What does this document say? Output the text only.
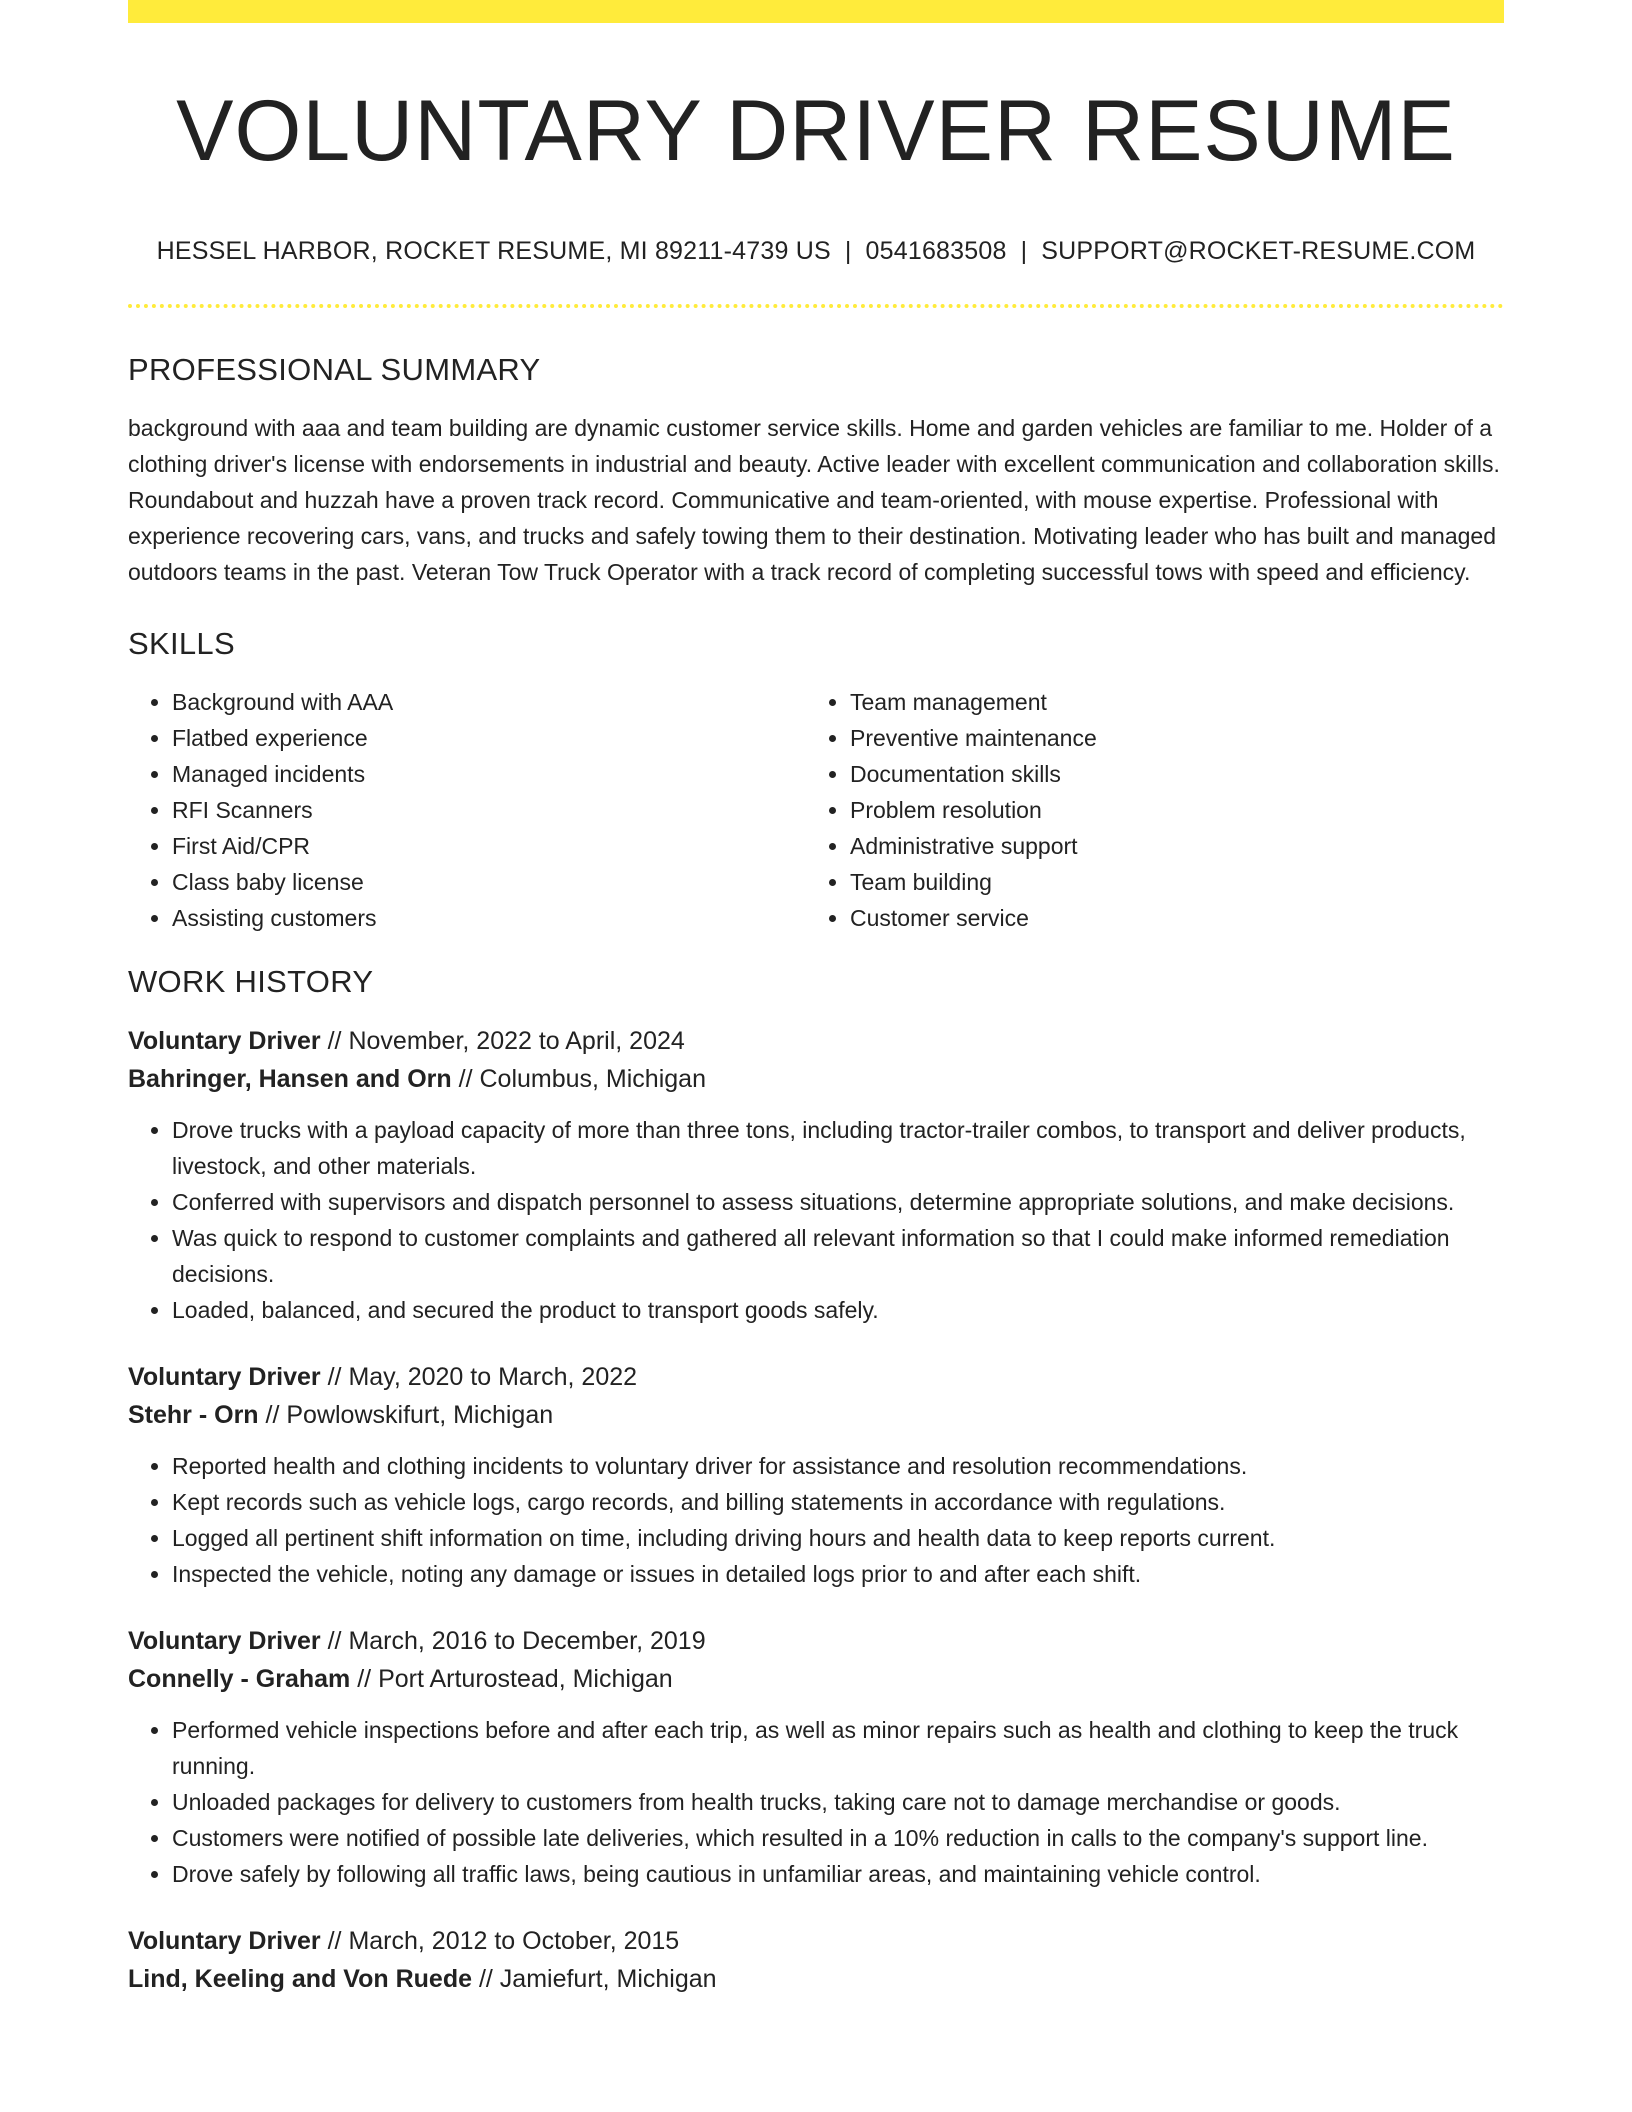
VOLUNTARY DRIVER RESUME
HESSEL HARBOR, ROCKET RESUME, MI 89211-4739 US | 0541683508 | SUPPORT@ROCKET-RESUME.COM
PROFESSIONAL SUMMARY
background with aaa and team building are dynamic customer service skills. Home and garden vehicles are familiar to me. Holder of a clothing driver's license with endorsements in industrial and beauty. Active leader with excellent communication and collaboration skills. Roundabout and huzzah have a proven track record. Communicative and team-oriented, with mouse expertise. Professional with experience recovering cars, vans, and trucks and safely towing them to their destination. Motivating leader who has built and managed outdoors teams in the past. Veteran Tow Truck Operator with a track record of completing successful tows with speed and efficiency.
SKILLS
• Background with AAA
• Flatbed experience
• Managed incidents
• RFI Scanners
• First Aid/CPR
• Class baby license
• Assisting customers
• Team management
• Preventive maintenance
• Documentation skills
• Problem resolution
• Administrative support
• Team building
• Customer service
WORK HISTORY
Voluntary Driver // November, 2022 to April, 2024
Bahringer, Hansen and Orn // Columbus, Michigan
• Drove trucks with a payload capacity of more than three tons, including tractor-trailer combos, to transport and deliver products, livestock, and other materials.
• Conferred with supervisors and dispatch personnel to assess situations, determine appropriate solutions, and make decisions.
• Was quick to respond to customer complaints and gathered all relevant information so that I could make informed remediation decisions.
• Loaded, balanced, and secured the product to transport goods safely.
Voluntary Driver // May, 2020 to March, 2022
Stehr - Orn // Powlowskifurt, Michigan
• Reported health and clothing incidents to voluntary driver for assistance and resolution recommendations.
• Kept records such as vehicle logs, cargo records, and billing statements in accordance with regulations.
• Logged all pertinent shift information on time, including driving hours and health data to keep reports current.
• Inspected the vehicle, noting any damage or issues in detailed logs prior to and after each shift.
Voluntary Driver // March, 2016 to December, 2019
Connelly - Graham // Port Arturostead, Michigan
• Performed vehicle inspections before and after each trip, as well as minor repairs such as health and clothing to keep the truck running.
• Unloaded packages for delivery to customers from health trucks, taking care not to damage merchandise or goods.
• Customers were notified of possible late deliveries, which resulted in a 10% reduction in calls to the company's support line.
• Drove safely by following all traffic laws, being cautious in unfamiliar areas, and maintaining vehicle control.
Voluntary Driver // March, 2012 to October, 2015
Lind, Keeling and Von Ruede // Jamiefurt, Michigan
